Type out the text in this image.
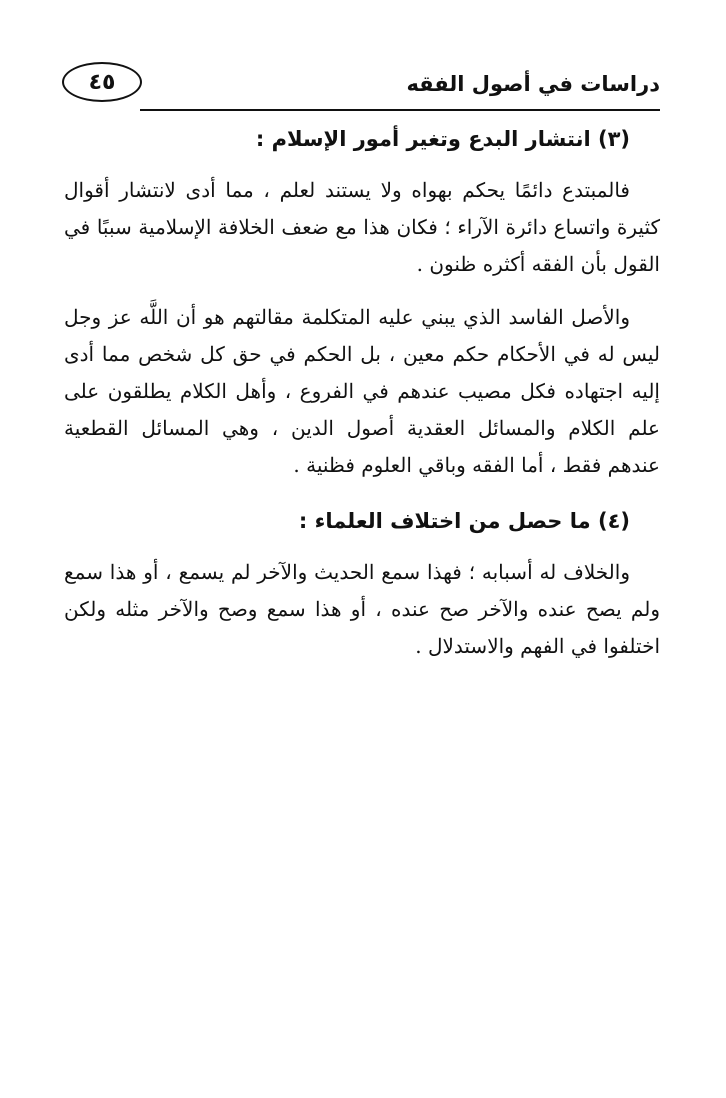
٤٥	دراسات في أصول الفقه
(٣) انتشار البدع وتغير أمور الإسلام :

فالمبتدع دائمًا يحكم بهواه ولا يستند لعلم ، مما أدى لانتشار أقوال كثيرة واتساع دائرة الآراء ؛ فكان هذا مع ضعف الخلافة الإسلامية سببًا في القول بأن الفقه أكثره ظنون .

والأصل الفاسد الذي يبني عليه المتكلمة مقالتهم هو أن اللَّه عز وجل ليس له في الأحكام حكم معين ، بل الحكم في حق كل شخص مما أدى إليه اجتهاده فكل مصيب عندهم في الفروع ، وأهل الكلام يطلقون على علم الكلام والمسائل العقدية أصول الدين ، وهي المسائل القطعية عندهم فقط ، أما الفقه وباقي العلوم فظنية .

(٤) ما حصل من اختلاف العلماء :

والخلاف له أسبابه ؛ فهذا سمع الحديث والآخر لم يسمع ، أو هذا سمع ولم يصح عنده والآخر صح عنده ، أو هذا سمع وصح والآخر مثله ولكن اختلفوا في الفهم والاستدلال .
